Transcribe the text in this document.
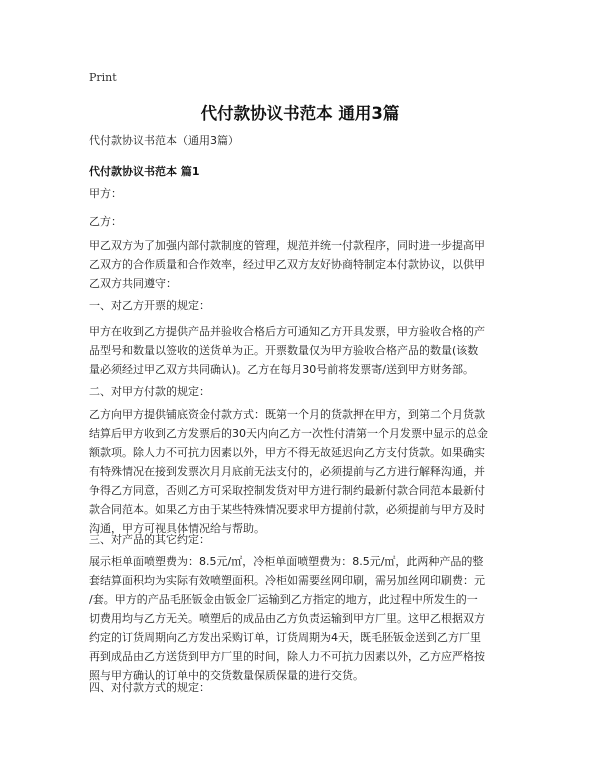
Print
代付款协议书范本 通用3篇
代付款协议书范本（通用3篇）
代付款协议书范本 篇1
甲方：
乙方：
甲乙双方为了加强内部付款制度的管理，规范并统一付款程序，同时进一步提高甲
乙双方的合作质量和合作效率，经过甲乙双方友好协商特制定本付款协议，以供甲
乙双方共同遵守：
一、对乙方开票的规定：
甲方在收到乙方提供产品并验收合格后方可通知乙方开具发票，甲方验收合格的产
品型号和数量以签收的送货单为正。开票数量仅为甲方验收合格产品的数量(该数
量必须经过甲乙双方共同确认)。乙方在每月30号前将发票寄/送到甲方财务部。
二、对甲方付款的规定：
乙方向甲方提供铺底资金付款方式：既第一个月的货款押在甲方，到第二个月货款
结算后甲方收到乙方发票后的30天内向乙方一次性付清第一个月发票中显示的总金
额款项。除人力不可抗力因素以外，甲方不得无故延迟向乙方支付货款。如果确实
有特殊情况在接到发票次月月底前无法支付的，必须提前与乙方进行解释沟通，并
争得乙方同意，否则乙方可采取控制发货对甲方进行制约最新付款合同范本最新付
款合同范本。如果乙方由于某些特殊情况要求甲方提前付款，必须提前与甲方及时
沟通，甲方可视具体情况给与帮助。
三、对产品的其它约定：
展示柜单面喷塑费为：8.5元/㎡，冷柜单面喷塑费为：8.5元/㎡，此两种产品的整
套结算面积均为实际有效喷塑面积。冷柜如需要丝网印刷，需另加丝网印刷费：元
/套。甲方的产品毛胚钣金由钣金厂运输到乙方指定的地方，此过程中所发生的一
切费用均与乙方无关。喷塑后的成品由乙方负责运输到甲方厂里。这甲乙根据双方
约定的订货周期向乙方发出采购订单，订货周期为4天，既毛胚钣金送到乙方厂里
再到成品由乙方送货到甲方厂里的时间，除人力不可抗力因素以外，乙方应严格按
照与甲方确认的订单中的交货数量保质保量的进行交货。
四、对付款方式的规定：
